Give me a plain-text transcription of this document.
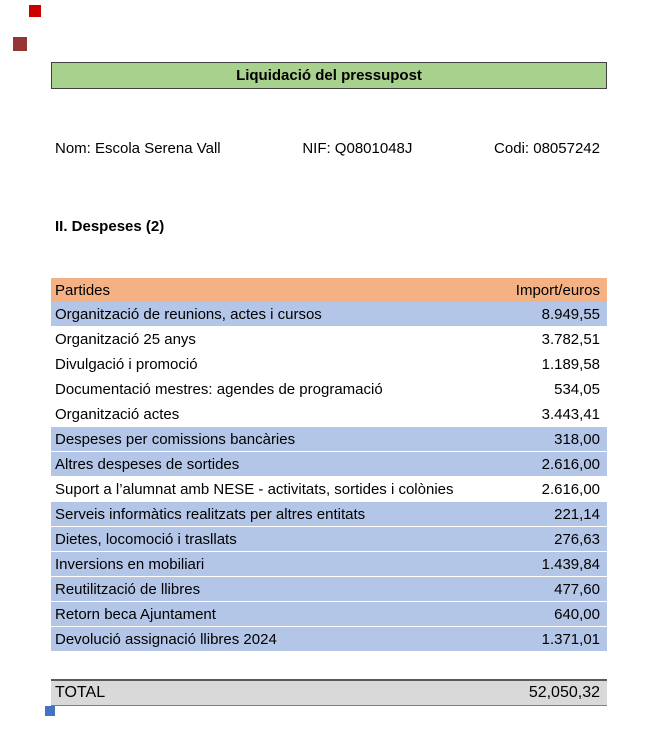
Liquidació del pressupost
Nom: Escola Serena Vall	NIF: Q0801048J	Codi: 08057242
II. Despeses (2)
Partides	Import/euros
Organització de reunions, actes i cursos	8.949,55
Organització 25 anys	3.782,51
Divulgació i promoció	1.189,58
Documentació mestres: agendes de programació	534,05
Organització actes	3.443,41
Despeses per comissions bancàries	318,00
Altres despeses de sortides	2.616,00
Suport a l’alumnat amb NESE - activitats, sortides i colònies	2.616,00
Serveis informàtics realitzats per altres entitats	221,14
Dietes, locomoció i trasllats	276,63
Inversions en mobiliari	1.439,84
Reutilització de llibres	477,60
Retorn beca Ajuntament	640,00
Devolució assignació llibres 2024	1.371,01
TOTAL	52,050,32
